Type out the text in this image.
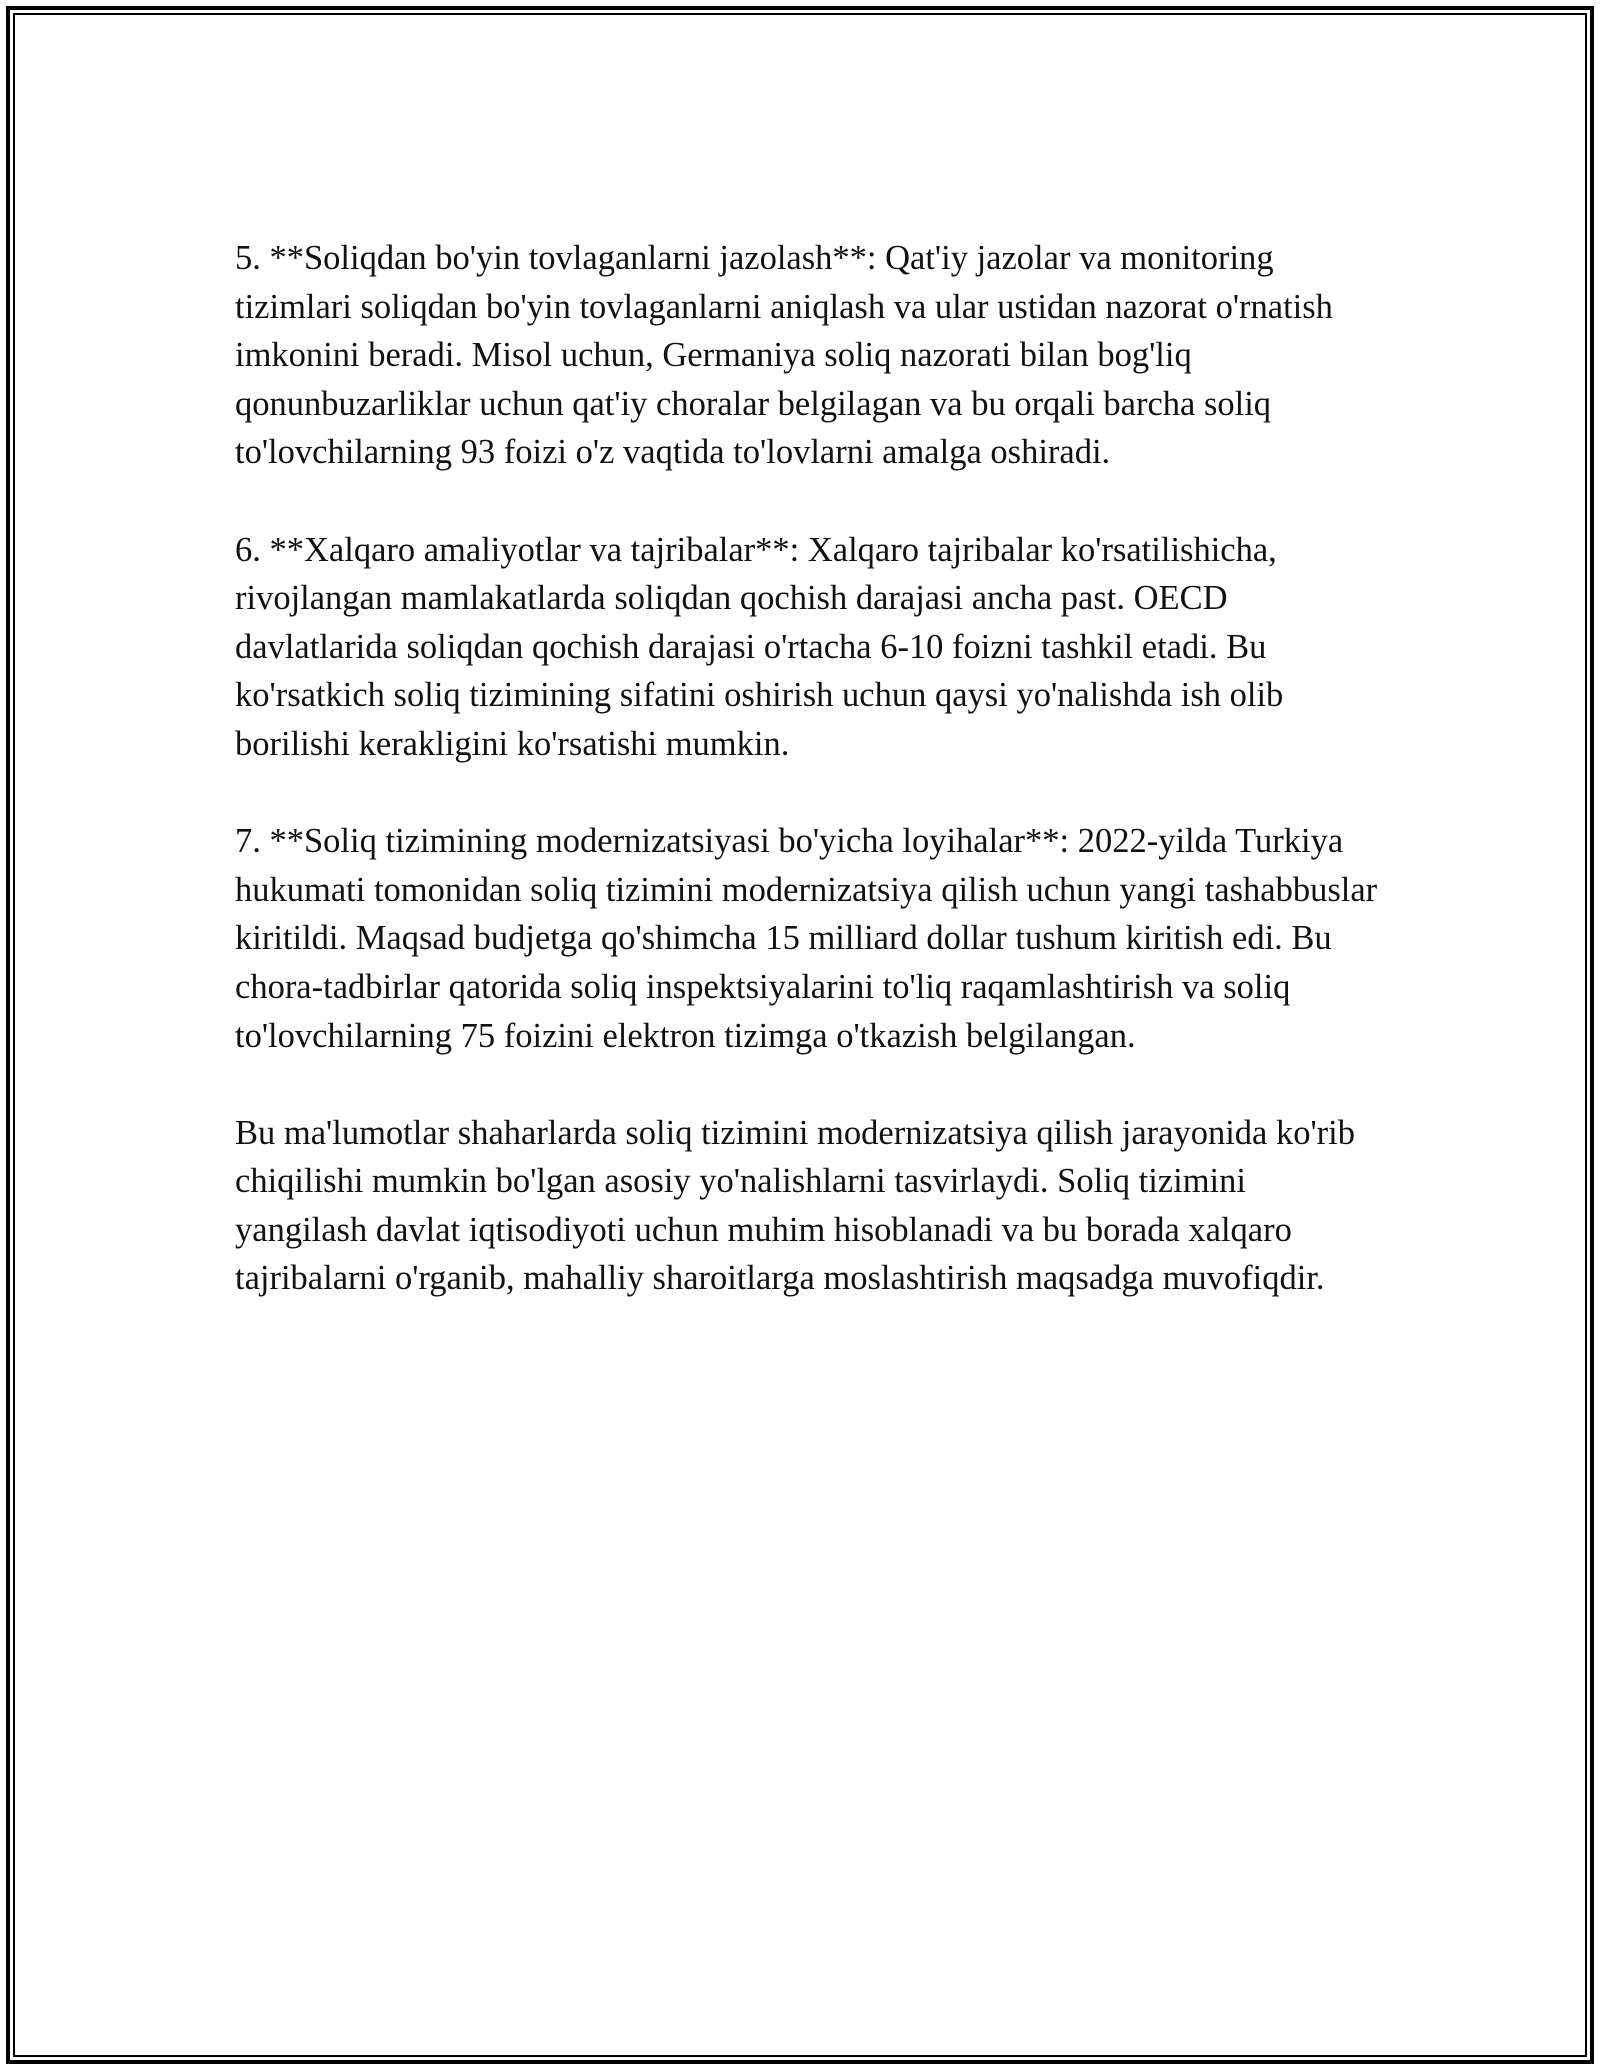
5. **Soliqdan bo'yin tovlaganlarni jazolash**: Qat'iy jazolar va monitoring tizimlari soliqdan bo'yin tovlaganlarni aniqlash va ular ustidan nazorat o'rnatish imkonini beradi. Misol uchun, Germaniya soliq nazorati bilan bog'liq qonunbuzarliklar uchun qat'iy choralar belgilagan va bu orqali barcha soliq to'lovchilarning 93 foizi o'z vaqtida to'lovlarni amalga oshiradi.

6. **Xalqaro amaliyotlar va tajribalar**: Xalqaro tajribalar ko'rsatilishicha, rivojlangan mamlakatlarda soliqdan qochish darajasi ancha past. OECD davlatlarida soliqdan qochish darajasi o'rtacha 6-10 foizni tashkil etadi. Bu ko'rsatkich soliq tizimining sifatini oshirish uchun qaysi yo'nalishda ish olib borilishi kerakligini ko'rsatishi mumkin.

7. **Soliq tizimining modernizatsiyasi bo'yicha loyihalar**: 2022-yilda Turkiya hukumati tomonidan soliq tizimini modernizatsiya qilish uchun yangi tashabbuslar kiritildi. Maqsad budjetga qo'shimcha 15 milliard dollar tushum kiritish edi. Bu chora-tadbirlar qatorida soliq inspektsiyalarini to'liq raqamlashtirish va soliq to'lovchilarning 75 foizini elektron tizimga o'tkazish belgilangan.

Bu ma'lumotlar shaharlarda soliq tizimini modernizatsiya qilish jarayonida ko'rib chiqilishi mumkin bo'lgan asosiy yo'nalishlarni tasvirlaydi. Soliq tizimini yangilash davlat iqtisodiyoti uchun muhim hisoblanadi va bu borada xalqaro tajribalarni o'rganib, mahalliy sharoitlarga moslashtirish maqsadga muvofiqdir.
